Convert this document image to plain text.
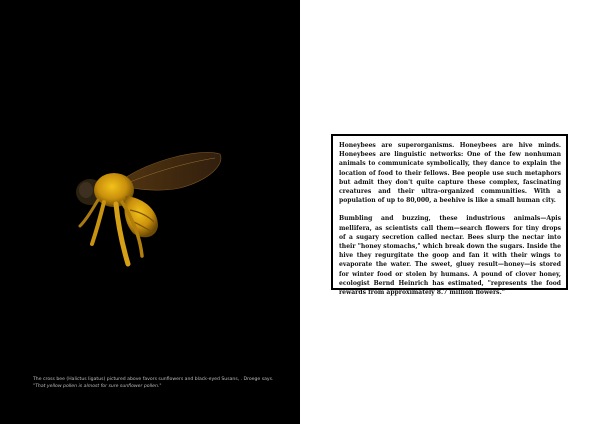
The cross bee (Halictus ligatus) pictured above favors sunflowers and black-eyed Susans, . Droege says.
"That yellow pollen is almost for sure sunflower pollen."

Honeybees are superorganisms. Honeybees are hive minds. Honeybees are linguistic networks: One of the few nonhuman animals to communicate symbolically, they dance to explain the location of food to their fellows. Bee people use such metaphors but admit they don't quite capture these complex, fascinating creatures and their ultra-organized communities. With a population of up to 80,000, a beehive is like a small human city.

Bumbling and buzzing, these industrious animals—Apis mellifera, as scientists call them—search flowers for tiny drops of a sugary secretion called nectar. Bees slurp the nectar into their "honey stomachs," which break down the sugars. Inside the hive they regurgitate the goop and fan it with their wings to evaporate the water. The sweet, gluey result—honey—is stored for winter food or stolen by humans. A pound of clover honey, ecologist Bernd Heinrich has estimated, "represents the food rewards from approximately 8.7 million flowers."
